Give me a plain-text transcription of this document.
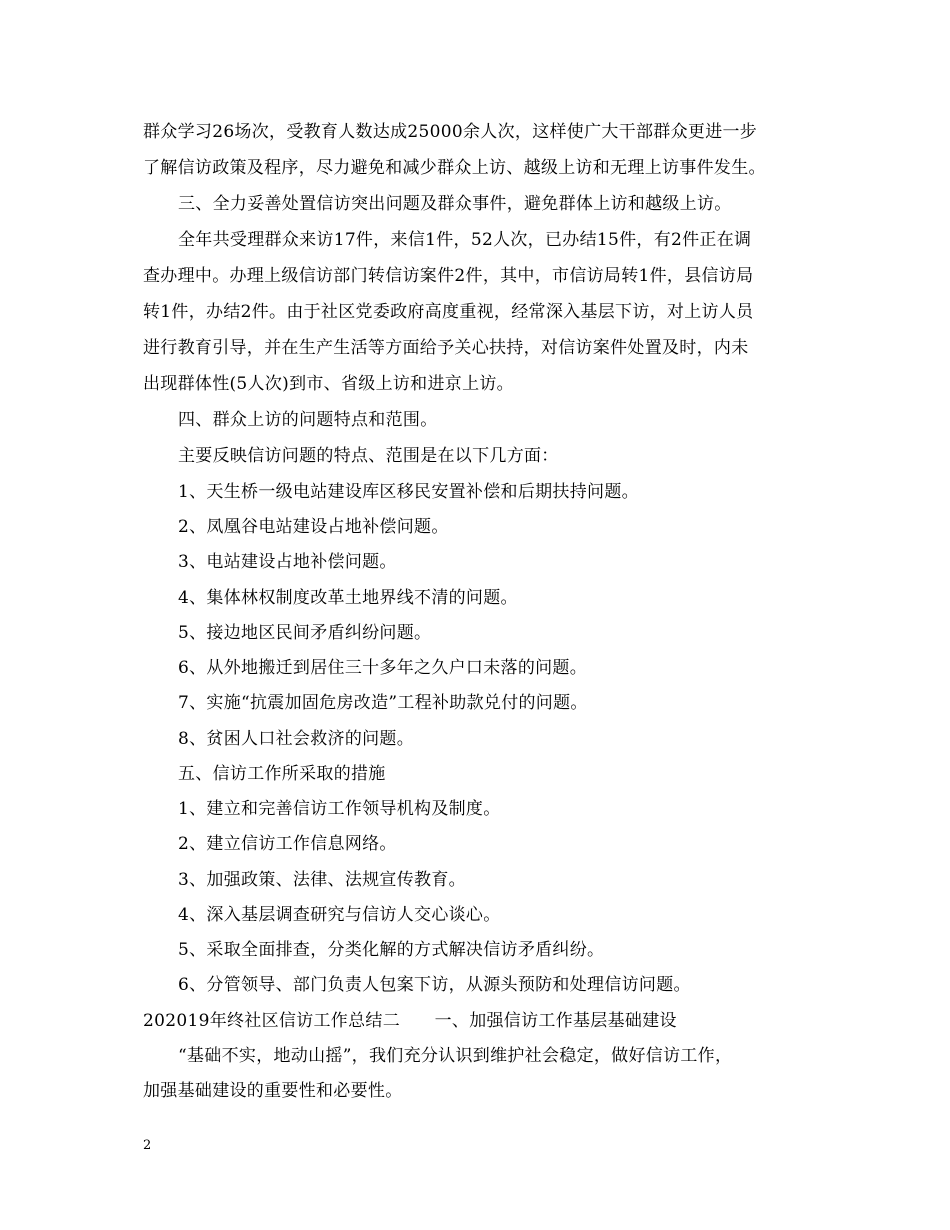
群众学习26场次，受教育人数达成25000余人次，这样使广大干部群众更进一步
了解信访政策及程序，尽力避免和减少群众上访、越级上访和无理上访事件发生。
三、全力妥善处置信访突出问题及群众事件，避免群体上访和越级上访。
全年共受理群众来访17件，来信1件，52人次，已办结15件，有2件正在调
查办理中。办理上级信访部门转信访案件2件，其中，市信访局转1件，县信访局
转1件，办结2件。由于社区党委政府高度重视，经常深入基层下访，对上访人员
进行教育引导，并在生产生活等方面给予关心扶持，对信访案件处置及时，内未
出现群体性(5人次)到市、省级上访和进京上访。
四、群众上访的问题特点和范围。
主要反映信访问题的特点、范围是在以下几方面：
1、天生桥一级电站建设库区移民安置补偿和后期扶持问题。
2、凤凰谷电站建设占地补偿问题。
3、电站建设占地补偿问题。
4、集体林权制度改革土地界线不清的问题。
5、接边地区民间矛盾纠纷问题。
6、从外地搬迁到居住三十多年之久户口未落的问题。
7、实施“抗震加固危房改造”工程补助款兑付的问题。
8、贫困人口社会救济的问题。
五、信访工作所采取的措施
1、建立和完善信访工作领导机构及制度。
2、建立信访工作信息网络。
3、加强政策、法律、法规宣传教育。
4、深入基层调查研究与信访人交心谈心。
5、采取全面排查，分类化解的方式解决信访矛盾纠纷。
6、分管领导、部门负责人包案下访，从源头预防和处理信访问题。
202019年终社区信访工作总结二　　一、加强信访工作基层基础建设
“基础不实，地动山摇”，我们充分认识到维护社会稳定，做好信访工作，
加强基础建设的重要性和必要性。
2
